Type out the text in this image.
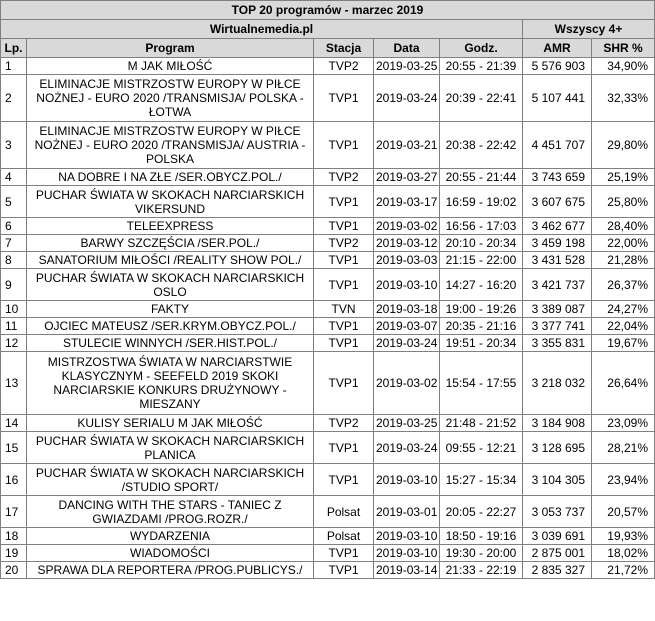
TOP 20 programów - marzec 2019						
Wirtualnemedia.pl					Wszyscy 4+	
Lp.	Program	Stacja	Data	Godz.	AMR	SHR %
1	M JAK MIŁOŚĆ	TVP2	2019-03-25	20:55 - 21:39	5 576 903	34,90%
2	ELIMINACJE MISTRZOSTW EUROPY W PIŁCE NOŻNEJ - EURO 2020 /TRANSMISJA/ POLSKA - ŁOTWA	TVP1	2019-03-24	20:39 - 22:41	5 107 441	32,33%
3	ELIMINACJE MISTRZOSTW EUROPY W PIŁCE NOŻNEJ - EURO 2020 /TRANSMISJA/ AUSTRIA - POLSKA	TVP1	2019-03-21	20:38 - 22:42	4 451 707	29,80%
4	NA DOBRE I NA ZŁE /SER.OBYCZ.POL./	TVP2	2019-03-27	20:55 - 21:44	3 743 659	25,19%
5	PUCHAR ŚWIATA W SKOKACH NARCIARSKICH VIKERSUND	TVP1	2019-03-17	16:59 - 19:02	3 607 675	25,80%
6	TELEEXPRESS	TVP1	2019-03-02	16:56 - 17:03	3 462 677	28,40%
7	BARWY SZCZĘŚCIA /SER.POL./	TVP2	2019-03-12	20:10 - 20:34	3 459 198	22,00%
8	SANATORIUM MIŁOŚCI /REALITY SHOW POL./	TVP1	2019-03-03	21:15 - 22:00	3 431 528	21,28%
9	PUCHAR ŚWIATA W SKOKACH NARCIARSKICH OSLO	TVP1	2019-03-10	14:27 - 16:20	3 421 737	26,37%
10	FAKTY	TVN	2019-03-18	19:00 - 19:26	3 389 087	24,27%
11	OJCIEC MATEUSZ /SER.KRYM.OBYCZ.POL./	TVP1	2019-03-07	20:35 - 21:16	3 377 741	22,04%
12	STULECIE WINNYCH /SER.HIST.POL./	TVP1	2019-03-24	19:51 - 20:34	3 355 831	19,67%
13	MISTRZOSTWA ŚWIATA W NARCIARSTWIE KLASYCZNYM - SEEFELD 2019 SKOKI NARCIARSKIE KONKURS DRUŻYNOWY - MIESZANY	TVP1	2019-03-02	15:54 - 17:55	3 218 032	26,64%
14	KULISY SERIALU M JAK MIŁOŚĆ	TVP2	2019-03-25	21:48 - 21:52	3 184 908	23,09%
15	PUCHAR ŚWIATA W SKOKACH NARCIARSKICH PLANICA	TVP1	2019-03-24	09:55 - 12:21	3 128 695	28,21%
16	PUCHAR ŚWIATA W SKOKACH NARCIARSKICH /STUDIO SPORT/	TVP1	2019-03-10	15:27 - 15:34	3 104 305	23,94%
17	DANCING WITH THE STARS - TANIEC Z GWIAZDAMI /PROG.ROZR./	Polsat	2019-03-01	20:05 - 22:27	3 053 737	20,57%
18	WYDARZENIA	Polsat	2019-03-10	18:50 - 19:16	3 039 691	19,93%
19	WIADOMOŚCI	TVP1	2019-03-10	19:30 - 20:00	2 875 001	18,02%
20	SPRAWA DLA REPORTERA /PROG.PUBLICYS./	TVP1	2019-03-14	21:33 - 22:19	2 835 327	21,72%
